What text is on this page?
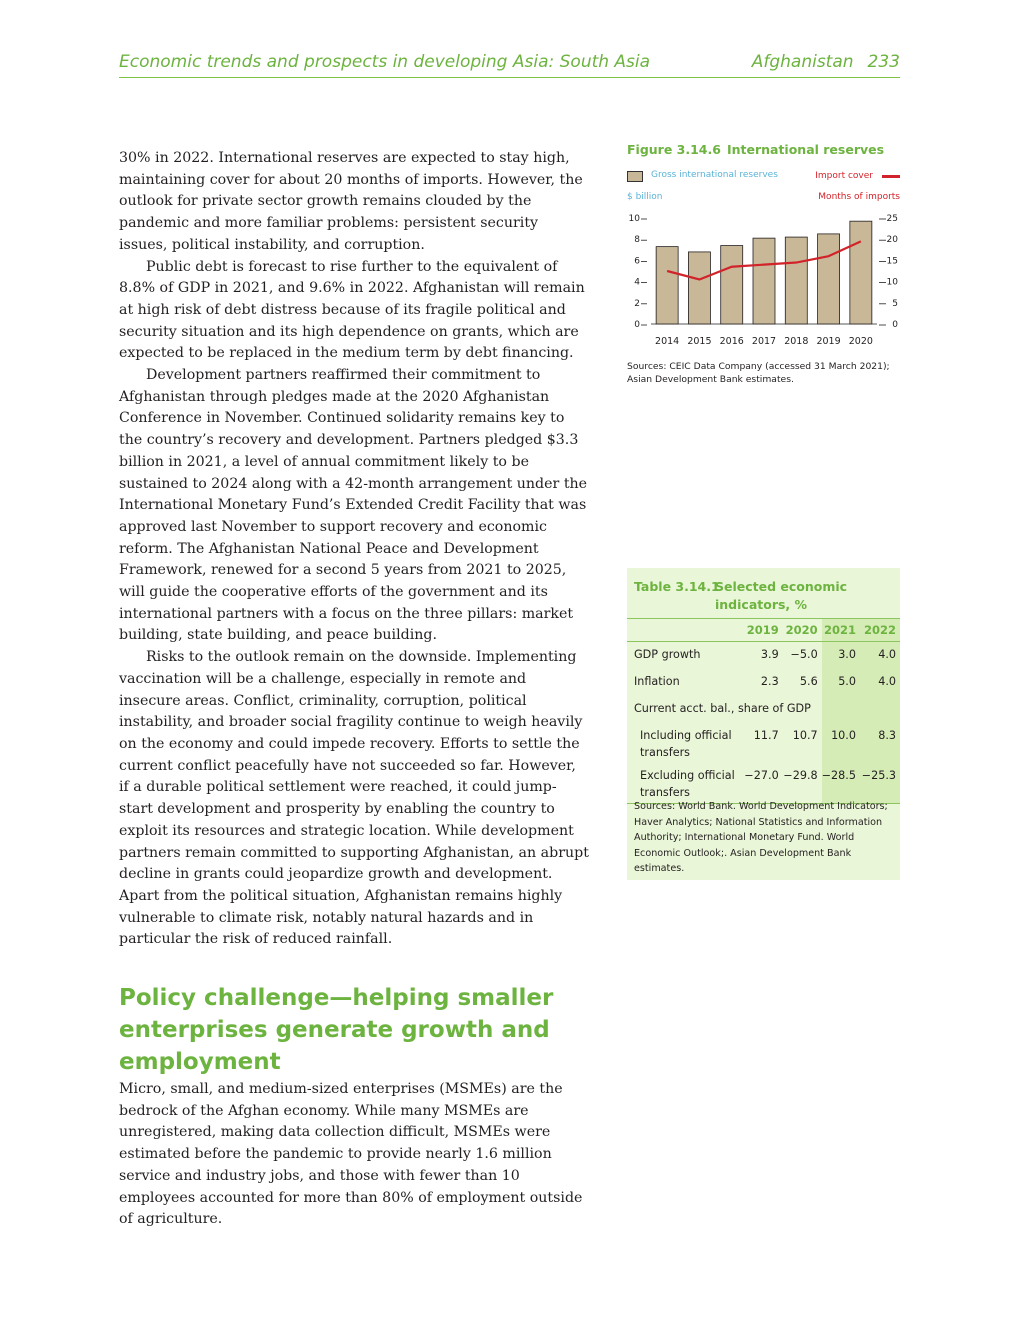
Economic trends and prospects in developing Asia: South Asia	Afghanistan 233

30% in 2022. International reserves are expected to stay high, maintaining cover for about 20 months of imports. However, the outlook for private sector growth remains clouded by the pandemic and more familiar problems: persistent security issues, political instability, and corruption.

Public debt is forecast to rise further to the equivalent of 8.8% of GDP in 2021, and 9.6% in 2022. Afghanistan will remain at high risk of debt distress because of its fragile political and security situation and its high dependence on grants, which are expected to be replaced in the medium term by debt financing.

Development partners reaffirmed their commitment to Afghanistan through pledges made at the 2020 Afghanistan Conference in November. Continued solidarity remains key to the country’s recovery and development. Partners pledged $3.3 billion in 2021, a level of annual commitment likely to be sustained to 2024 along with a 42-month arrangement under the International Monetary Fund’s Extended Credit Facility that was approved last November to support recovery and economic reform. The Afghanistan National Peace and Development Framework, renewed for a second 5 years from 2021 to 2025, will guide the cooperative efforts of the government and its international partners with a focus on the three pillars: market building, state building, and peace building.

Risks to the outlook remain on the downside. Implementing vaccination will be a challenge, especially in remote and insecure areas. Conflict, criminality, corruption, political instability, and broader social fragility continue to weigh heavily on the economy and could impede recovery. Efforts to settle the current conflict peacefully have not succeeded so far. However, if a durable political settlement were reached, it could jump-start development and prosperity by enabling the country to exploit its resources and strategic location. While development partners remain committed to supporting Afghanistan, an abrupt decline in grants could jeopardize growth and development. Apart from the political situation, Afghanistan remains highly vulnerable to climate risk, notably natural hazards and in particular the risk of reduced rainfall.

Policy challenge—helping smaller enterprises generate growth and employment

Micro, small, and medium-sized enterprises (MSMEs) are the bedrock of the Afghan economy. While many MSMEs are unregistered, making data collection difficult, MSMEs were estimated before the pandemic to provide nearly 1.6 million service and industry jobs, and those with fewer than 10 employees accounted for more than 80% of employment outside of agriculture.

Figure 3.14.6 International reserves
Gross international reserves	Import cover
$ billion	Months of imports
0
2
4
6
8
10
0
5
10
15
20
25
2014 2015 2016 2017 2018 2019 2020
Sources: CEIC Data Company (accessed 31 March 2021); Asian Development Bank estimates.
Table 3.14.1
Selected economic indicators, %
	2019	2020	2021	2022
GDP growth	3.9	−5.0	3.0	4.0
Inflation	2.3	5.6	5.0	4.0
Current acct. bal., share of GDP				
Including official transfers	11.7	10.7	10.0	8.3
Excluding official transfers	−27.0	−29.8	−28.5	−25.3
Sources: World Bank. World Development Indicators; Haver Analytics; National Statistics and Information Authority; International Monetary Fund. World Economic Outlook;. Asian Development Bank estimates.
